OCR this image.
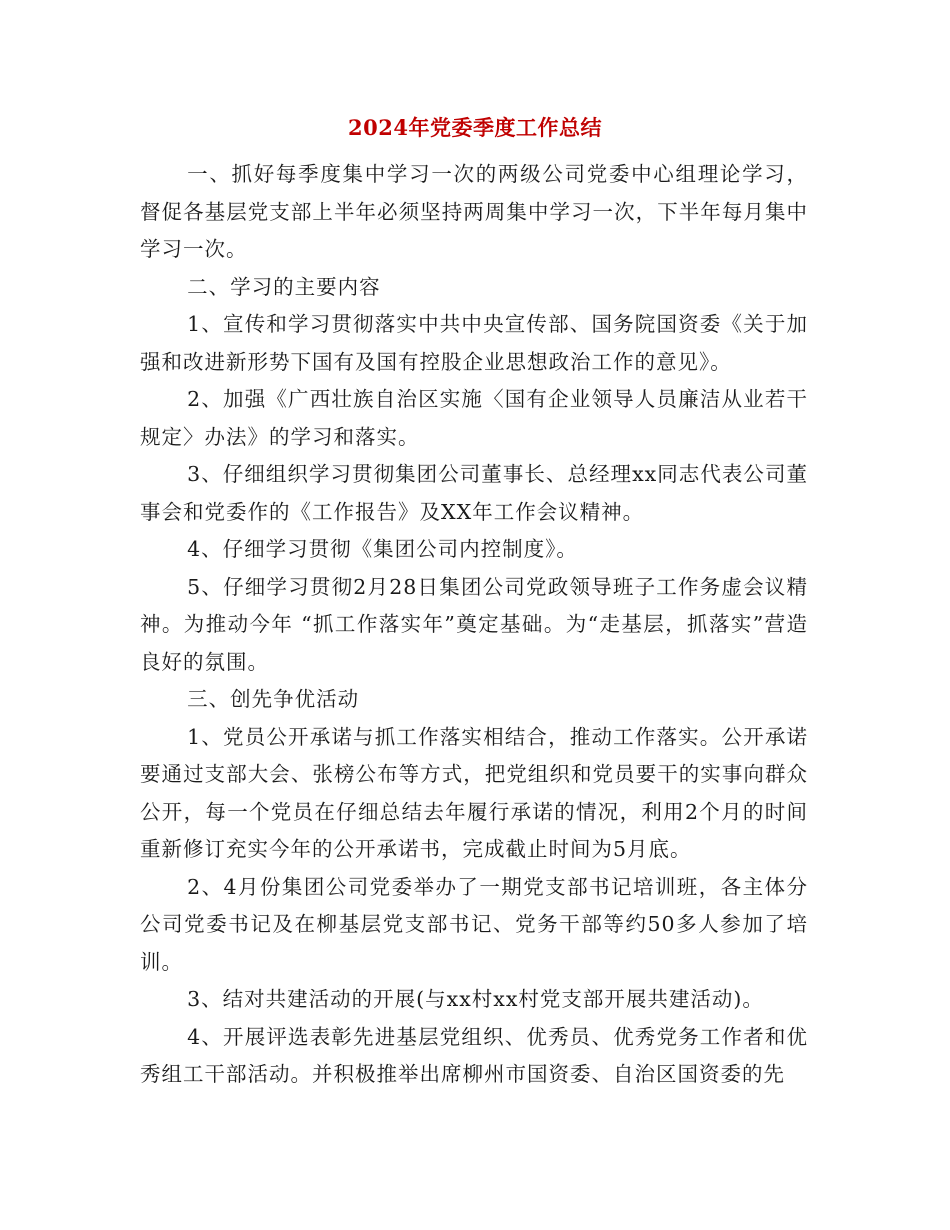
2024年党委季度工作总结

一、抓好每季度集中学习一次的两级公司党委中心组理论学习，督促各基层党支部上半年必须坚持两周集中学习一次，下半年每月集中学习一次。

二、学习的主要内容

1、宣传和学习贯彻落实中共中央宣传部、国务院国资委《关于加强和改进新形势下国有及国有控股企业思想政治工作的意见》。

2、加强《广西壮族自治区实施〈国有企业领导人员廉洁从业若干规定〉办法》的学习和落实。

3、仔细组织学习贯彻集团公司董事长、总经理xx同志代表公司董事会和党委作的《工作报告》及XX年工作会议精神。

4、仔细学习贯彻《集团公司内控制度》。

5、仔细学习贯彻2月28日集团公司党政领导班子工作务虚会议精神。为推动今年 “抓工作落实年”奠定基础。为“走基层，抓落实”营造良好的氛围。

三、创先争优活动

1、党员公开承诺与抓工作落实相结合，推动工作落实。公开承诺要通过支部大会、张榜公布等方式，把党组织和党员要干的实事向群众公开，每一个党员在仔细总结去年履行承诺的情况，利用2个月的时间重新修订充实今年的公开承诺书，完成截止时间为5月底。

2、4月份集团公司党委举办了一期党支部书记培训班，各主体分公司党委书记及在柳基层党支部书记、党务干部等约50多人参加了培训。

3、结对共建活动的开展(与xx村xx村党支部开展共建活动)。

4、开展评选表彰先进基层党组织、优秀员、优秀党务工作者和优秀组工干部活动。并积极推举出席柳州市国资委、自治区国资委的先
